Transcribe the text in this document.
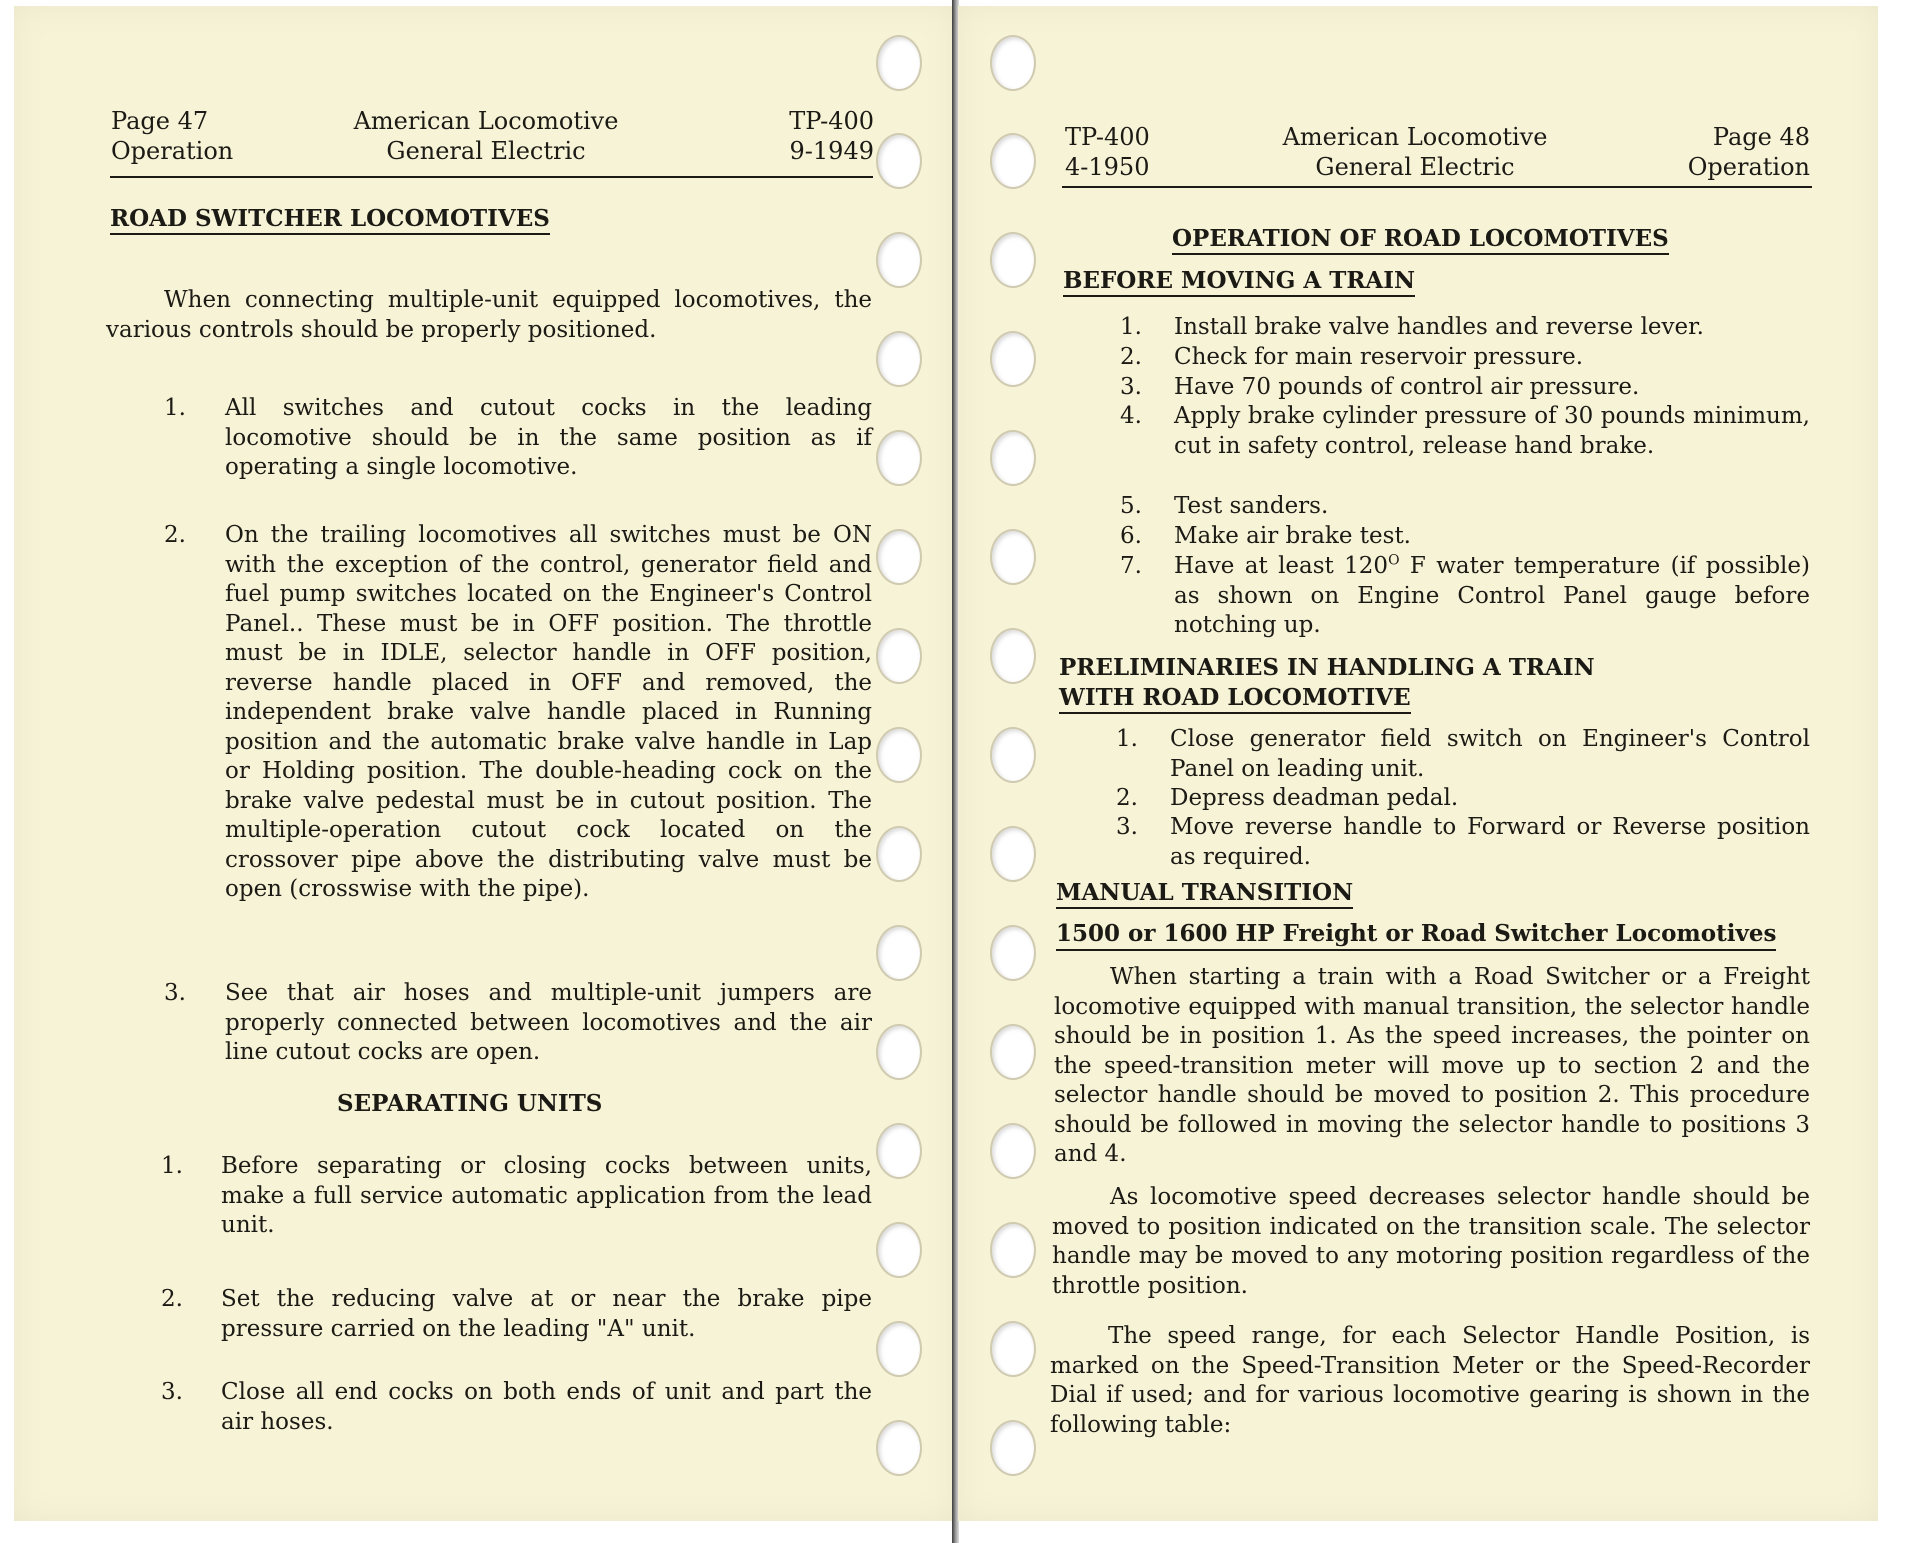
Page 47
Operation
American Locomotive
General Electric
TP-400
9-1949
ROAD SWITCHER LOCOMOTIVES
When connecting multiple-unit equipped locomotives, the various controls should be properly positioned.
1. All switches and cutout cocks in the leading locomotive should be in the same position as if operating a single locomotive.
2. On the trailing locomotives all switches must be ON with the exception of the control, generator field and fuel pump switches located on the Engineer's Control Panel.. These must be in OFF position. The throttle must be in IDLE, selector handle in OFF position, reverse handle placed in OFF and removed, the independent brake valve handle placed in Running position and the automatic brake valve handle in Lap or Holding position. The double-heading cock on the brake valve pedestal must be in cutout position. The multiple-operation cutout cock located on the crossover pipe above the distributing valve must be open (crosswise with the pipe).
3. See that air hoses and multiple-unit jumpers are properly connected between locomotives and the air line cutout cocks are open.
SEPARATING UNITS
1. Before separating or closing cocks between units, make a full service automatic application from the lead unit.
2. Set the reducing valve at or near the brake pipe pressure carried on the leading "A" unit.
3. Close all end cocks on both ends of unit and part the air hoses.
TP-400
4-1950
American Locomotive
General Electric
Page 48
Operation
OPERATION OF ROAD LOCOMOTIVES
BEFORE MOVING A TRAIN
1. Install brake valve handles and reverse lever.
2. Check for main reservoir pressure.
3. Have 70 pounds of control air pressure.
4. Apply brake cylinder pressure of 30 pounds minimum, cut in safety control, release hand brake.
5. Test sanders.
6. Make air brake test.
7. Have at least $120^O$ F water temperature (if possible) as shown on Engine Control Panel gauge before notching up.
PRELIMINARIES IN HANDLING A TRAIN
WITH ROAD LOCOMOTIVE
1. Close generator field switch on Engineer's Control Panel on leading unit.
2. Depress deadman pedal.
3. Move reverse handle to Forward or Reverse position as required.
MANUAL TRANSITION
1500 or 1600 HP Freight or Road Switcher Locomotives
When starting a train with a Road Switcher or a Freight locomotive equipped with manual transition, the selector handle should be in position 1. As the speed increases, the pointer on the speed-transition meter will move up to section 2 and the selector handle should be moved to position 2. This procedure should be followed in moving the selector handle to positions 3 and 4.
As locomotive speed decreases selector handle should be moved to position indicated on the transition scale. The selector handle may be moved to any motoring position regardless of the throttle position.
The speed range, for each Selector Handle Position, is marked on the Speed-Transition Meter or the Speed-Recorder Dial if used; and for various locomotive gearing is shown in the following table:
